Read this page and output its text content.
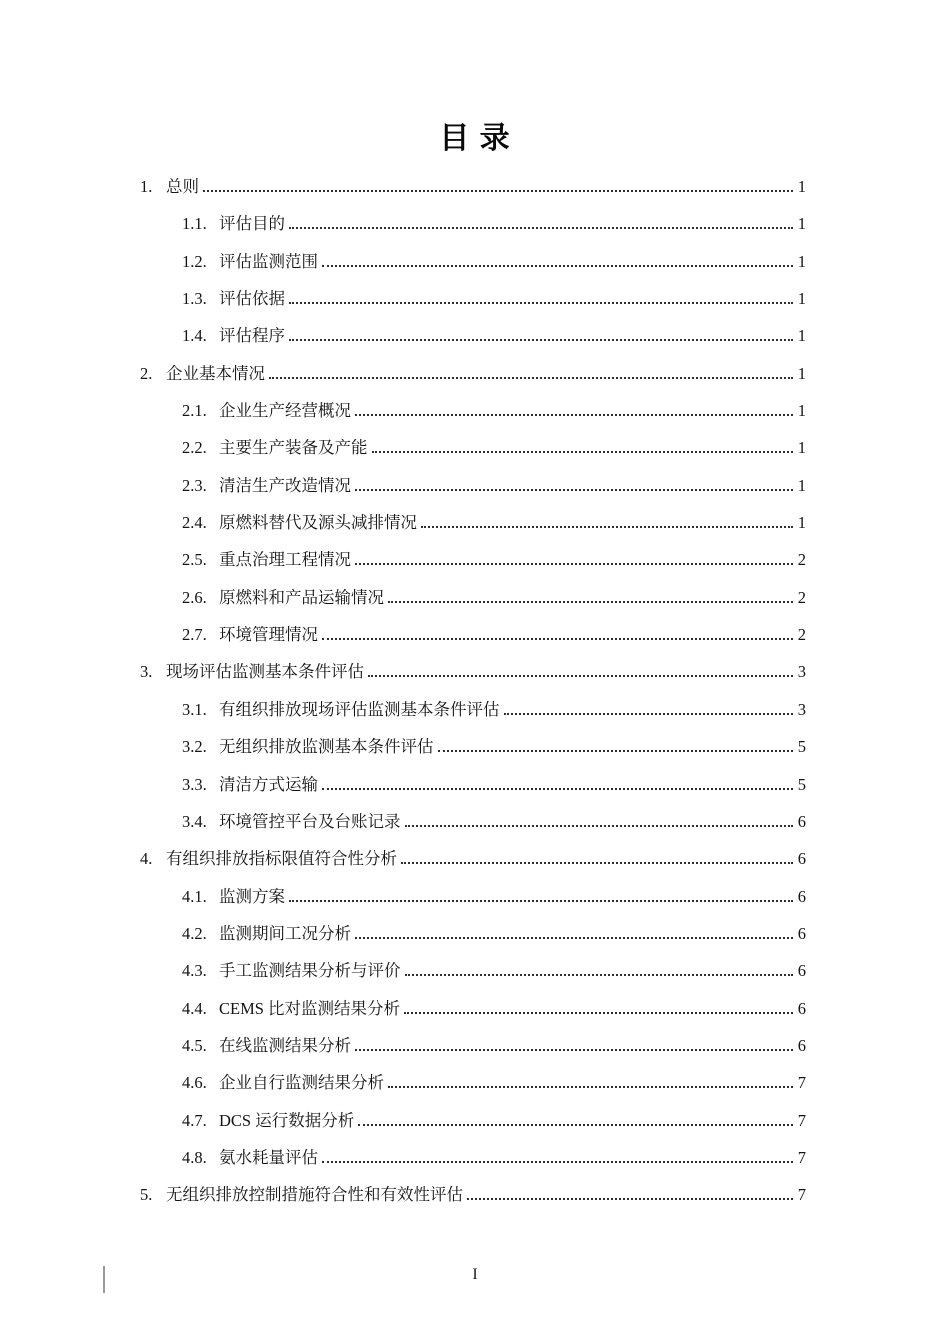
目 录
1. 总则	1
1.1. 评估目的	1
1.2. 评估监测范围	1
1.3. 评估依据	1
1.4. 评估程序	1
2. 企业基本情况	1
2.1. 企业生产经营概况	1
2.2. 主要生产装备及产能	1
2.3. 清洁生产改造情况	1
2.4. 原燃料替代及源头减排情况	1
2.5. 重点治理工程情况	2
2.6. 原燃料和产品运输情况	2
2.7. 环境管理情况	2
3. 现场评估监测基本条件评估	3
3.1. 有组织排放现场评估监测基本条件评估	3
3.2. 无组织排放监测基本条件评估	5
3.3. 清洁方式运输	5
3.4. 环境管控平台及台账记录	6
4. 有组织排放指标限值符合性分析	6
4.1. 监测方案	6
4.2. 监测期间工况分析	6
4.3. 手工监测结果分析与评价	6
4.4. CEMS 比对监测结果分析	6
4.5. 在线监测结果分析	6
4.6. 企业自行监测结果分析	7
4.7. DCS 运行数据分析	7
4.8. 氨水耗量评估	7
5. 无组织排放控制措施符合性和有效性评估	7
I
